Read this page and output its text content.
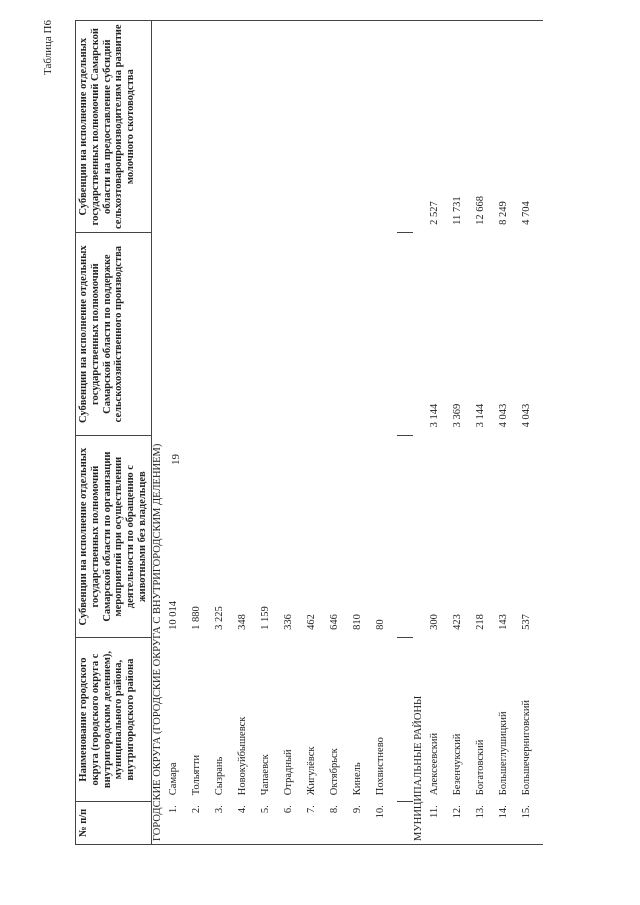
19
Таблица П6
№ п/п	Наименование городского округа (городского округа с внутригородским делением), муниципального района, внутригородского района	Субвенции на исполнение отдельных государственных полномочий Самарской области по организации мероприятий при осуществлении деятельности по обращению с животными без владельцев	Субвенции на исполнение отдельных государственных полномочий Самарской области по поддержке сельскохозяйственного производства	Субвенции на исполнение отдельных государственных полномочий Самарской области на предоставление субсидий сельхозтоваропроизводителям на развитие молочного скотоводства
ГОРОДСКИЕ ОКРУГА (ГОРОДСКИЕ ОКРУГА С ВНУТРИГОРОДСКИМ ДЕЛЕНИЕМ)				
1.	Самара	10 014		
2.	Тольятти	1 880		
3.	Сызрань	3 225		
4.	Новокуйбышевск	348		
5.	Чапаевск	1 159		
6.	Отрадный	336		
7.	Жигулёвск	462		
8.	Октябрьск	646		
9.	Кинель	810		
10.	Похвистнево	80		

МУНИЦИПАЛЬНЫЕ РАЙОНЫ				
11.	Алексеевский	300	3 144	2 527
12.	Безенчукский	423	3 369	11 731
13.	Богатовский	218	3 144	12 668
14.	Большеглушицкий	143	4 043	8 249
15.	Большечерниговский	537	4 043	4 704
